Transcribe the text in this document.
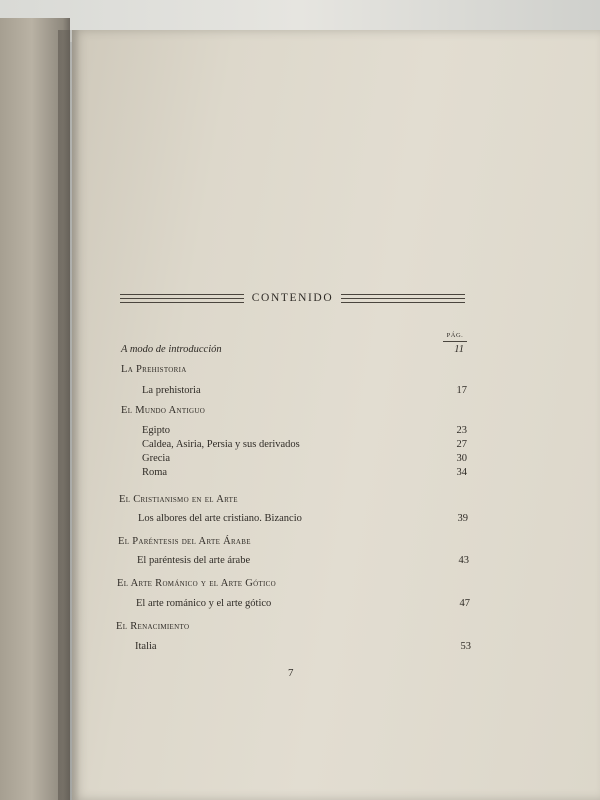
CONTENIDO
PÁG.
A modo de introducción	11
La Prehistoria
La prehistoria	17
El Mundo Antiguo
Egipto	23
Caldea, Asiria, Persia y sus derivados	27
Grecia	30
Roma	34
El Cristianismo en el Arte
Los albores del arte cristiano. Bizancio	39
El Paréntesis del Arte Árabe
El paréntesis del arte árabe	43
El Arte Románico y el Arte Gótico
El arte románico y el arte gótico	47
El Renacimiento
Italia	53
7
